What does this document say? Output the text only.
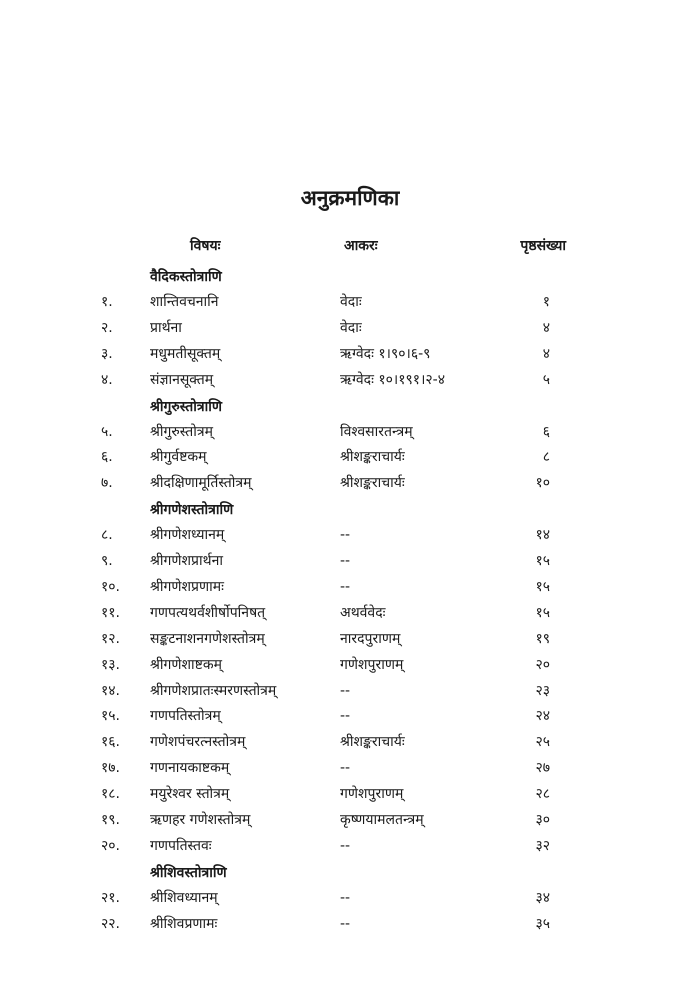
अनुक्रमणिका
विषयः	आकरः	पृष्ठसंख्या
वैदिकस्तोत्राणि
१.	शान्तिवचनानि	वेदाः	१
२.	प्रार्थना	वेदाः	४
३.	मधुमतीसूक्तम्	ऋग्वेदः १।९०।६-९	४
४.	संज्ञानसूक्तम्	ऋग्वेदः १०।१९१।२-४	५
श्रीगुरुस्तोत्राणि
५.	श्रीगुरुस्तोत्रम्	विश्वसारतन्त्रम्	६
६.	श्रीगुर्वष्टकम्	श्रीशङ्कराचार्यः	८
७.	श्रीदक्षिणामूर्तिस्तोत्रम्	श्रीशङ्कराचार्यः	१०
श्रीगणेशस्तोत्राणि
८.	श्रीगणेशध्यानम्	--	१४
९.	श्रीगणेशप्रार्थना	--	१५
१०. श्रीगणेशप्रणामः	--	१५
११. गणपत्यथर्वशीर्षोपनिषत्	अथर्ववेदः	१५
१२. सङ्कटनाशनगणेशस्तोत्रम्	नारदपुराणम्	१९
१३. श्रीगणेशाष्टकम्	गणेशपुराणम्	२०
१४. श्रीगणेशप्रातःस्मरणस्तोत्रम्	--	२३
१५. गणपतिस्तोत्रम्	--	२४
१६. गणेशपंचरत्नस्तोत्रम्	श्रीशङ्कराचार्यः	२५
१७. गणनायकाष्टकम्	--	२७
१८. मयुरेश्वर स्तोत्रम्	गणेशपुराणम्	२८
१९. ऋणहर गणेशस्तोत्रम्	कृष्णयामलतन्त्रम्	३०
२०. गणपतिस्तवः	--	३२
श्रीशिवस्तोत्राणि
२१. श्रीशिवध्यानम्	--	३४
२२. श्रीशिवप्रणामः	--	३५
